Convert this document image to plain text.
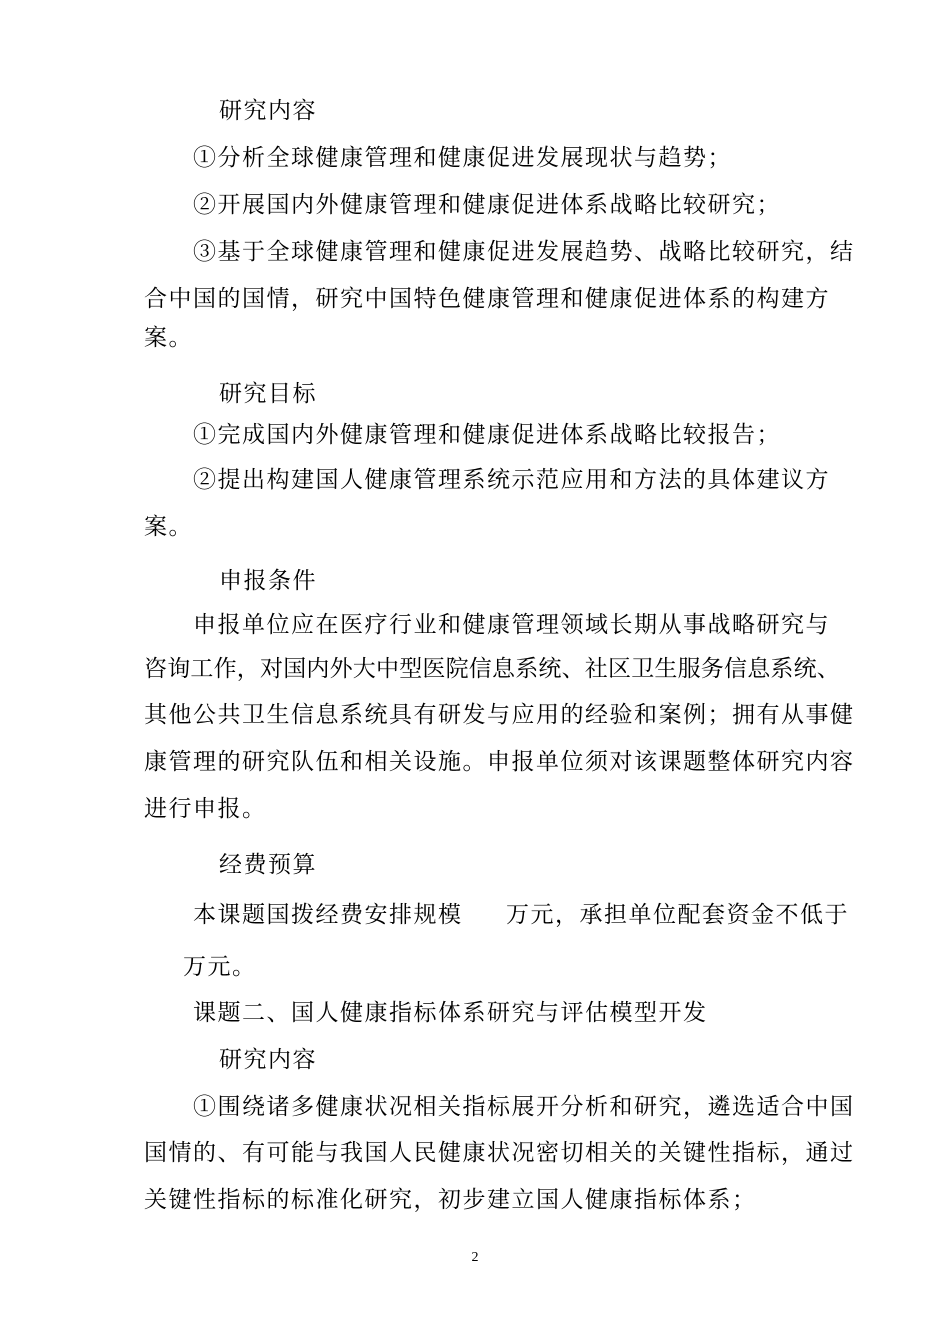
研究内容
①分析全球健康管理和健康促进发展现状与趋势；
②开展国内外健康管理和健康促进体系战略比较研究；
③基于全球健康管理和健康促进发展趋势、战略比较研究，结
合中国的国情，研究中国特色健康管理和健康促进体系的构建方
案。
研究目标
①完成国内外健康管理和健康促进体系战略比较报告；
②提出构建国人健康管理系统示范应用和方法的具体建议方
案。
申报条件
申报单位应在医疗行业和健康管理领域长期从事战略研究与
咨询工作，对国内外大中型医院信息系统、社区卫生服务信息系统、
其他公共卫生信息系统具有研发与应用的经验和案例；拥有从事健
康管理的研究队伍和相关设施。申报单位须对该课题整体研究内容
进行申报。
经费预算
本课题国拨经费安排规模 万元，承担单位配套资金不低于
万元。
课题二、国人健康指标体系研究与评估模型开发
研究内容
①围绕诸多健康状况相关指标展开分析和研究，遴选适合中国
国情的、有可能与我国人民健康状况密切相关的关键性指标，通过
关键性指标的标准化研究，初步建立国人健康指标体系；
2
